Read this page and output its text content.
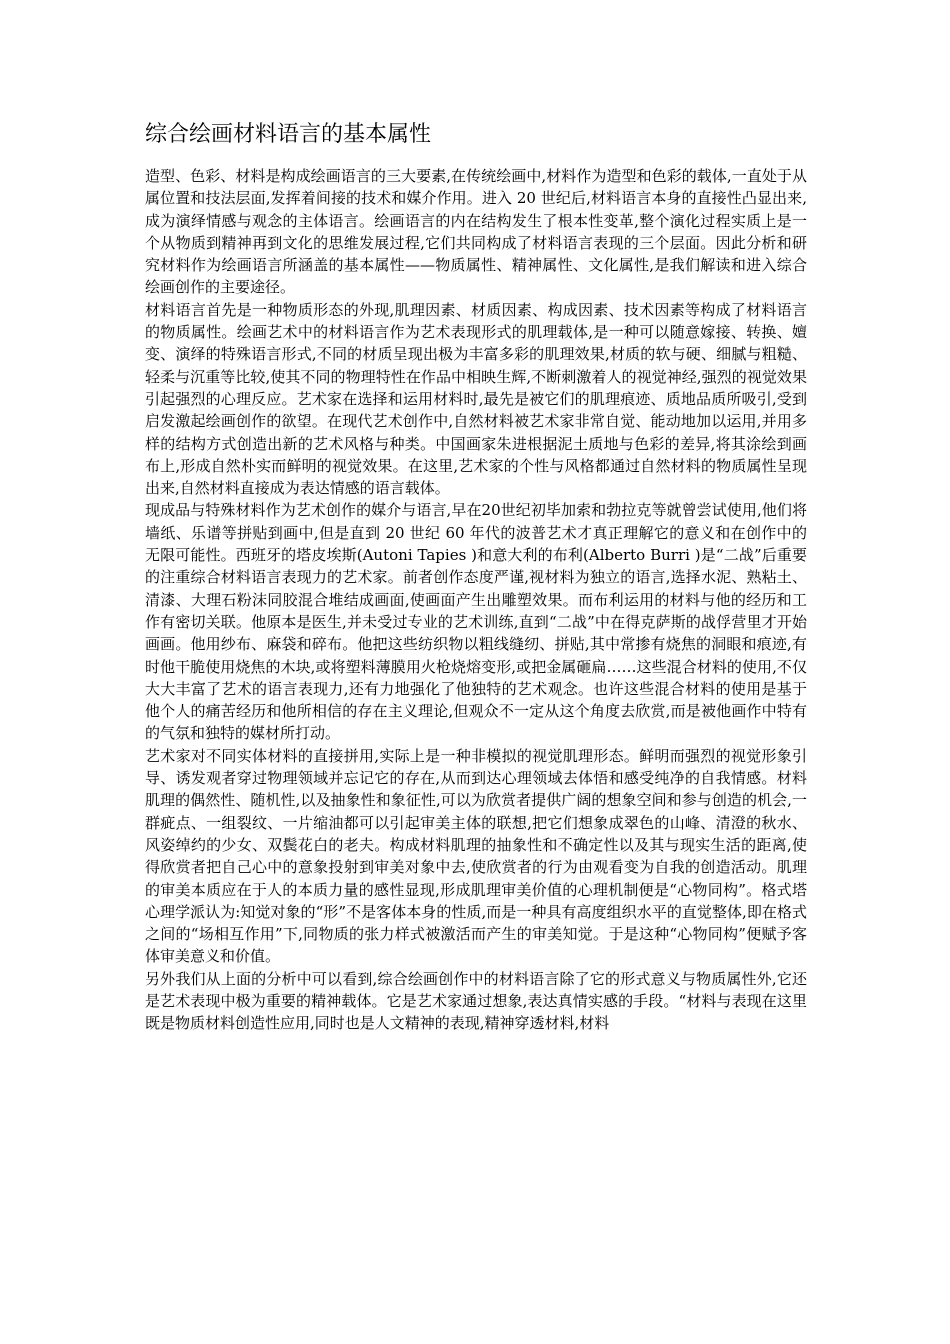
综合绘画材料语言的基本属性

造型、色彩、材料是构成绘画语言的三大要素,在传统绘画中,材料作为造型和色彩的载体,一直处于从属位置和技法层面,发挥着间接的技术和媒介作用。进入 20 世纪后,材料语言本身的直接性凸显出来,成为演绎情感与观念的主体语言。绘画语言的内在结构发生了根本性变革,整个演化过程实质上是一个从物质到精神再到文化的思维发展过程,它们共同构成了材料语言表现的三个层面。因此分析和研究材料作为绘画语言所涵盖的基本属性——物质属性、精神属性、文化属性,是我们解读和进入综合绘画创作的主要途径。

材料语言首先是一种物质形态的外现,肌理因素、材质因素、构成因素、技术因素等构成了材料语言的物质属性。绘画艺术中的材料语言作为艺术表现形式的肌理载体,是一种可以随意嫁接、转换、嬗变、演绎的特殊语言形式,不同的材质呈现出极为丰富多彩的肌理效果,材质的软与硬、细腻与粗糙、轻柔与沉重等比较,使其不同的物理特性在作品中相映生辉,不断刺激着人的视觉神经,强烈的视觉效果引起强烈的心理反应。艺术家在选择和运用材料时,最先是被它们的肌理痕迹、质地品质所吸引,受到启发激起绘画创作的欲望。在现代艺术创作中,自然材料被艺术家非常自觉、能动地加以运用,并用多样的结构方式创造出新的艺术风格与种类。中国画家朱进根据泥土质地与色彩的差异,将其涂绘到画布上,形成自然朴实而鲜明的视觉效果。在这里,艺术家的个性与风格都通过自然材料的物质属性呈现出来,自然材料直接成为表达情感的语言载体。

现成品与特殊材料作为艺术创作的媒介与语言,早在20世纪初毕加索和勃拉克等就曾尝试使用,他们将墙纸、乐谱等拼贴到画中,但是直到 20 世纪 60 年代的波普艺术才真正理解它的意义和在创作中的无限可能性。西班牙的塔皮埃斯(Autoni Tapies )和意大利的布利(Alberto Burri )是“二战”后重要的注重综合材料语言表现力的艺术家。前者创作态度严谨,视材料为独立的语言,选择水泥、熟粘土、清漆、大理石粉沫同胶混合堆结成画面,使画面产生出雕塑效果。而布利运用的材料与他的经历和工作有密切关联。他原本是医生,并未受过专业的艺术训练,直到“二战”中在得克萨斯的战俘营里才开始画画。他用纱布、麻袋和碎布。他把这些纺织物以粗线缝纫、拼贴,其中常掺有烧焦的洞眼和痕迹,有时他干脆使用烧焦的木块,或将塑料薄膜用火枪烧熔变形,或把金属砸扁……这些混合材料的使用,不仅大大丰富了艺术的语言表现力,还有力地强化了他独特的艺术观念。也许这些混合材料的使用是基于他个人的痛苦经历和他所相信的存在主义理论,但观众不一定从这个角度去欣赏,而是被他画作中特有的气氛和独特的媒材所打动。

艺术家对不同实体材料的直接拼用,实际上是一种非模拟的视觉肌理形态。鲜明而强烈的视觉形象引导、诱发观者穿过物理领域并忘记它的存在,从而到达心理领域去体悟和感受纯净的自我情感。材料肌理的偶然性、随机性,以及抽象性和象征性,可以为欣赏者提供广阔的想象空间和参与创造的机会,一群疵点、一组裂纹、一片缩油都可以引起审美主体的联想,把它们想象成翠色的山峰、清澄的秋水、风姿绰约的少女、双鬓花白的老夫。构成材料肌理的抽象性和不确定性以及其与现实生活的距离,使得欣赏者把自己心中的意象投射到审美对象中去,使欣赏者的行为由观看变为自我的创造活动。肌理的审美本质应在于人的本质力量的感性显现,形成肌理审美价值的心理机制便是“心物同构”。格式塔心理学派认为:知觉对象的“形”不是客体本身的性质,而是一种具有高度组织水平的直觉整体,即在格式之间的“场相互作用”下,同物质的张力样式被激活而产生的审美知觉。于是这种“心物同构”便赋予客体审美意义和价值。

另外我们从上面的分析中可以看到,综合绘画创作中的材料语言除了它的形式意义与物质属性外,它还是艺术表现中极为重要的精神载体。它是艺术家通过想象,表达真情实感的手段。“材料与表现在这里既是物质材料创造性应用,同时也是人文精神的表现,精神穿透材料,材料
